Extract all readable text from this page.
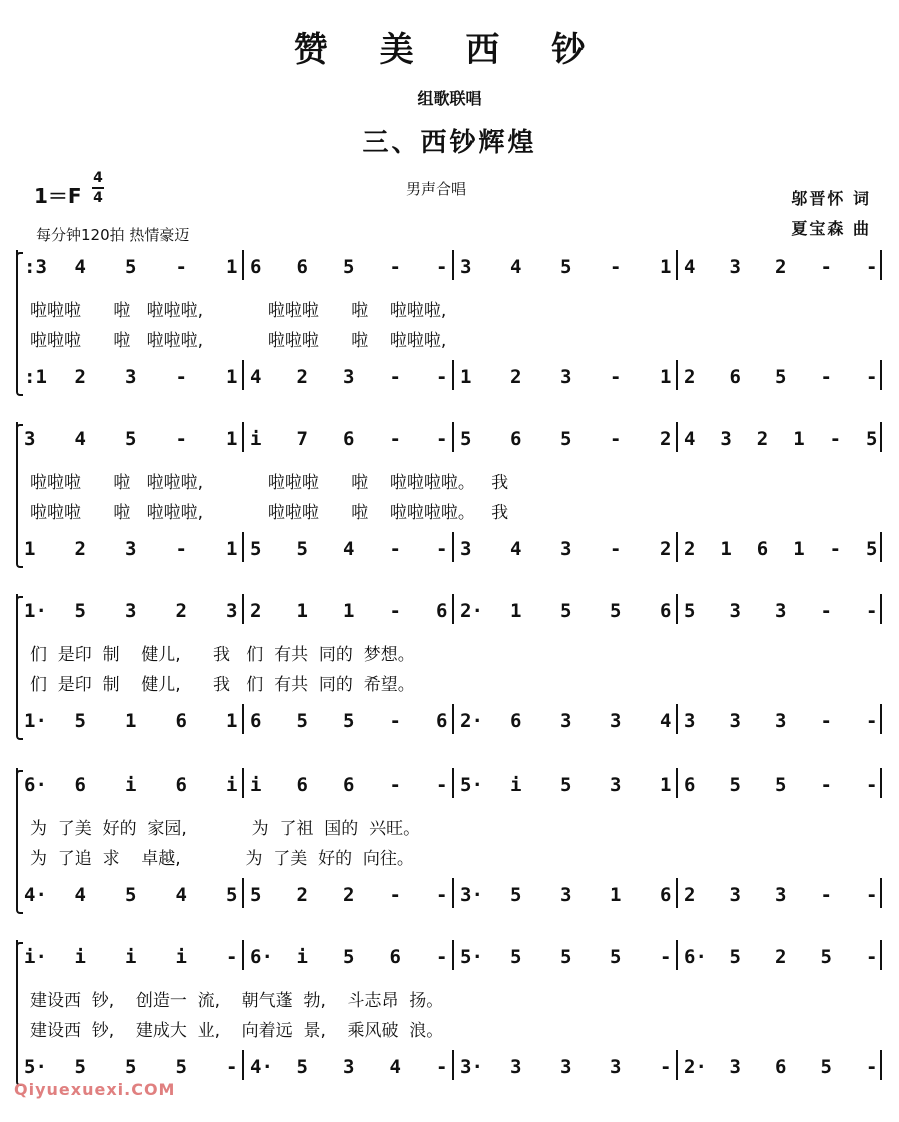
赞 美 西 钞
组歌联唱
三、西钞辉煌
1＝F
4
4	男声合唱
每分钟120拍 热情豪迈
邬晋怀 词
夏宝森 曲
:3 4 5 - 1 6 6 5 - - 3 4 5 - 1 4 3 2 - -
:1 2 3 - 1 4 2 3 - - 1 2 3 - 1 2 6 5 - -
啦啦啦      啦   啦啦啦,            啦啦啦      啦    啦啦啦,
啦啦啦      啦   啦啦啦,            啦啦啦      啦    啦啦啦,
3 4 5 - 1 i 7 6 - - 5 6 5 - 2 4 3 2 1 - 5
1 2 3 - 1 5 5 4 - - 3 4 3 - 2 2 1 6 1 - 5
啦啦啦      啦   啦啦啦,            啦啦啦      啦    啦啦啦啦。   我
啦啦啦      啦   啦啦啦,            啦啦啦      啦    啦啦啦啦。   我
1· 5 3 2 3 2 1 1 - 6 2· 1 5 5 6 5 3 3 - -
1· 5 1 6 1 6 5 5 - 6 2· 6 3 3 4 3 3 3 - -
们  是印  制    健儿,      我   们  有共  同的  梦想。
们  是印  制    健儿,      我   们  有共  同的  希望。
6· 6 i 6 i i 6 6 - - 5· i 5 3 1 6 5 5 - -
4· 4 5 4 5 5 2 2 - - 3· 5 3 1 6 2 3 3 - -
为  了美  好的  家园,            为  了祖  国的  兴旺。
为  了追  求    卓越,            为  了美  好的  向往。
i· i i i - 6· i 5 6 - 5· 5 5 5 - 6· 5 2 5 -
5· 5 5 5 - 4· 5 3 4 - 3· 3 3 3 - 2· 3 6 5 -
建设西  钞,    创造一  流,    朝气蓬  勃,    斗志昂  扬。
建设西  钞,    建成大  业,    向着远  景,    乘风破  浪。
Qiyuexuexi.COM
